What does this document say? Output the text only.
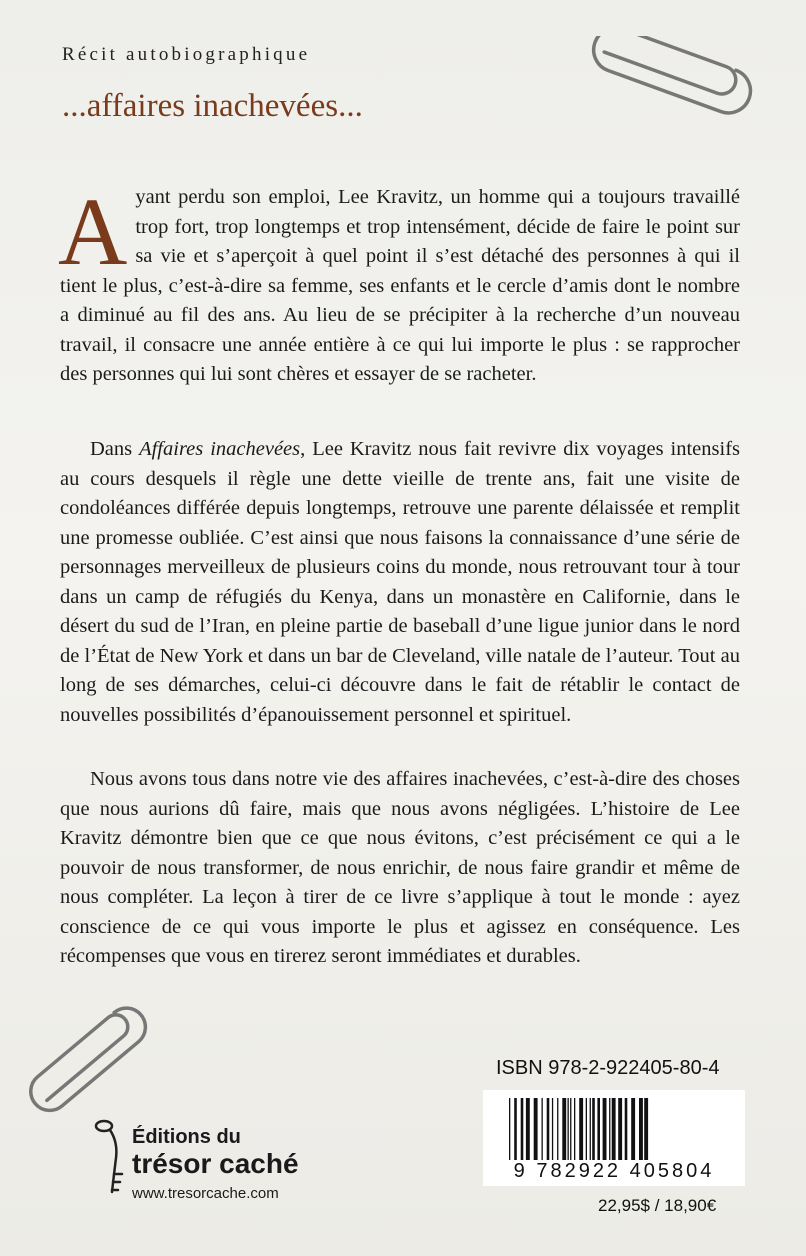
Récit autobiographique
...affaires inachevées...
Ayant perdu son emploi, Lee Kravitz, un homme qui a toujours travaillé trop fort, trop longtemps et trop intensément, décide de faire le point sur sa vie et s’aperçoit à quel point il s’est détaché des personnes à qui il tient le plus, c’est-à-dire sa femme, ses enfants et le cercle d’amis dont le nombre a diminué au fil des ans. Au lieu de se précipiter à la recherche d’un nouveau travail, il consacre une année entière à ce qui lui importe le plus : se rapprocher des personnes qui lui sont chères et essayer de se racheter.
Dans Affaires inachevées, Lee Kravitz nous fait revivre dix voyages intensifs au cours desquels il règle une dette vieille de trente ans, fait une visite de condoléances différée depuis longtemps, retrouve une parente délaissée et remplit une promesse oubliée. C’est ainsi que nous faisons la connaissance d’une série de personnages merveilleux de plusieurs coins du monde, nous retrouvant tour à tour dans un camp de réfugiés du Kenya, dans un monastère en Californie, dans le désert du sud de l’Iran, en pleine partie de baseball d’une ligue junior dans le nord de l’État de New York et dans un bar de Cleveland, ville natale de l’auteur. Tout au long de ses démarches, celui-ci découvre dans le fait de rétablir le contact de nouvelles possibilités d’épanouissement personnel et spirituel.
Nous avons tous dans notre vie des affaires inachevées, c’est-à-dire des choses que nous aurions dû faire, mais que nous avons négligées. L’histoire de Lee Kravitz démontre bien que ce que nous évitons, c’est précisément ce qui a le pouvoir de nous transformer, de nous enrichir, de nous faire grandir et même de nous compléter. La leçon à tirer de ce livre s’applique à tout le monde : ayez conscience de ce qui vous importe le plus et agissez en conséquence. Les récompenses que vous en tirerez seront immédiates et durables.
Éditions du
trésor caché
www.tresorcache.com
ISBN 978-2-922405-80-4
9 782922 405804
22,95$ / 18,90€
